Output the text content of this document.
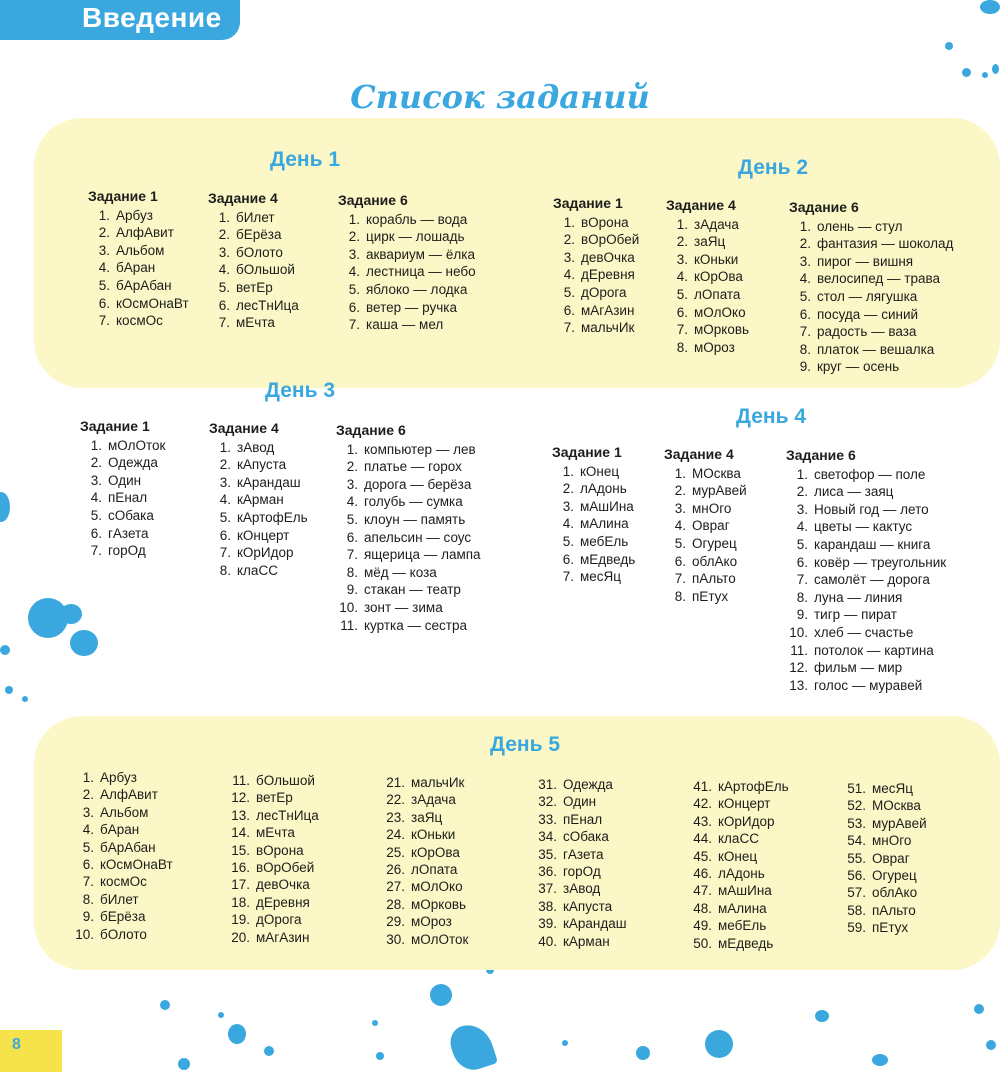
Введение
Список заданий
День 1
Задание 1
1. Арбуз
2. АлфАвит
3. Альбом
4. бАран
5. бАрАбан
6. кОсмОнаВт
7. космОс
Задание 4
1. бИлет
2. бЕрёза
3. бОлото
4. бОльшой
5. ветЕр
6. лесТнИца
7. мЕчта
Задание 6
1. корабль — вода
2. цирк — лошадь
3. аквариум — ёлка
4. лестница — небо
5. яблоко — лодка
6. ветер — ручка
7. каша — мел
День 2
Задание 1
1. вОрона
2. вОрОбей
3. девОчка
4. дЕревня
5. дОрога
6. мАгАзин
7. мальчИк
Задание 4
1. зАдача
2. заЯц
3. кОньки
4. кОрОва
5. лОпата
6. мОлОко
7. мОрковь
8. мОроз
Задание 6
1. олень — стул
2. фантазия — шоколад
3. пирог — вишня
4. велосипед — трава
5. стол — лягушка
6. посуда — синий
7. радость — ваза
8. платок — вешалка
9. круг — осень
День 3
Задание 1
1. мОлОток
2. Одежда
3. Один
4. пЕнал
5. сОбака
6. гАзета
7. горОд
Задание 4
1. зАвод
2. кАпуста
3. кАрандаш
4. кАрман
5. кАртофЕль
6. кОнцерт
7. кОрИдор
8. клаСС
Задание 6
1. компьютер — лев
2. платье — горох
3. дорога — берёза
4. голубь — сумка
5. клоун — память
6. апельсин — соус
7. ящерица — лампа
8. мёд — коза
9. стакан — театр
10. зонт — зима
11. куртка — сестра
День 4
Задание 1
1. кОнец
2. лАдонь
3. мАшИна
4. мАлина
5. мебЕль
6. мЕдведь
7. месЯц
Задание 4
1. МОсква
2. мурАвей
3. мнОго
4. Овраг
5. Огурец
6. облАко
7. пАльто
8. пЕтух
Задание 6
1. светофор — поле
2. лиса — заяц
3. Новый год — лето
4. цветы — кактус
5. карандаш — книга
6. ковёр — треугольник
7. самолёт — дорога
8. луна — линия
9. тигр — пират
10. хлеб — счастье
11. потолок — картина
12. фильм — мир
13. голос — муравей
День 5
1. Арбуз
2. АлфАвит
3. Альбом
4. бАран
5. бАрАбан
6. кОсмОнаВт
7. космОс
8. бИлет
9. бЕрёза
10. бОлото
11. бОльшой
12. ветЕр
13. лесТнИца
14. мЕчта
15. вОрона
16. вОрОбей
17. девОчка
18. дЕревня
19. дОрога
20. мАгАзин
21. мальчИк
22. зАдача
23. заЯц
24. кОньки
25. кОрОва
26. лОпата
27. мОлОко
28. мОрковь
29. мОроз
30. мОлОток
31. Одежда
32. Один
33. пЕнал
34. сОбака
35. гАзета
36. горОд
37. зАвод
38. кАпуста
39. кАрандаш
40. кАрман
41. кАртофЕль
42. кОнцерт
43. кОрИдор
44. клаСС
45. кОнец
46. лАдонь
47. мАшИна
48. мАлина
49. мебЕль
50. мЕдведь
51. месЯц
52. МОсква
53. мурАвей
54. мнОго
55. Овраг
56. Огурец
57. облАко
58. пАльто
59. пЕтух
8
